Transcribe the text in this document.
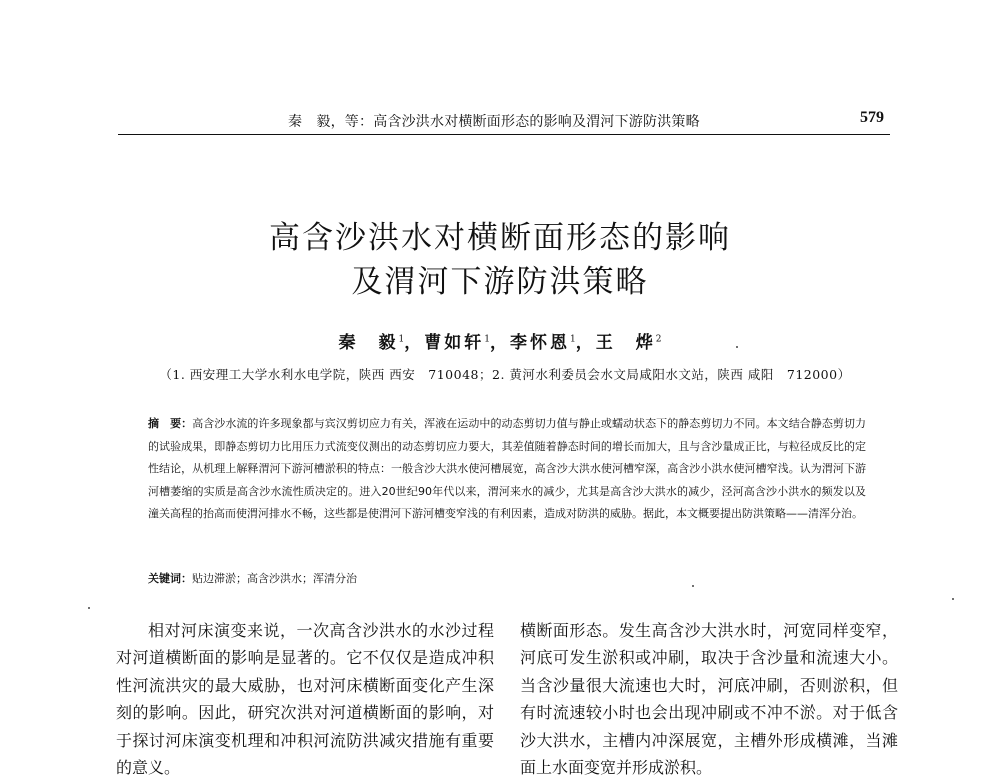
秦　毅，等：高含沙洪水对横断面形态的影响及渭河下游防洪策略	579
高含沙洪水对横断面形态的影响
及渭河下游防洪策略
秦　毅$^1$，曹如轩$^1$，李怀恩$^1$，王　烨$^2$
（1. 西安理工大学水利水电学院，陕西 西安　710048；2. 黄河水利委员会水文局咸阳水文站，陕西 咸阳　712000）

摘　要：高含沙水流的许多现象都与宾汉剪切应力有关，浑液在运动中的动态剪切力值与静止或蠕动状态下的静态剪切力不同。本文结合静态剪切力的试验成果，即静态剪切力比用压力式流变仪测出的动态剪切应力要大，其差值随着静态时间的增长而加大，且与含沙量成正比，与粒径成反比的定性结论，从机理上解释渭河下游河槽淤积的特点：一般含沙大洪水使河槽展宽，高含沙大洪水使河槽窄深，高含沙小洪水使河槽窄浅。认为渭河下游河槽萎缩的实质是高含沙水流性质决定的。进入20世纪90年代以来，渭河来水的减少，尤其是高含沙大洪水的减少，泾河高含沙小洪水的频发以及潼关高程的抬高而使渭河排水不畅，这些都是使渭河下游河槽变窄浅的有利因素，造成对防洪的威胁。据此，本文概要提出防洪策略——清浑分治。

关键词：贴边滞淤；高含沙洪水；浑清分治

相对河床演变来说，一次高含沙洪水的水沙过程对河道横断面的影响是显著的。它不仅仅是造成冲积性河流洪灾的最大威胁，也对河床横断面变化产生深刻的影响。因此，研究次洪对河道横断面的影响，对于探讨河床演变机理和冲积河流防洪减灾措施有重要的意义。

横断面形态。发生高含沙大洪水时，河宽同样变窄，河底可发生淤积或冲刷，取决于含沙量和流速大小。当含沙量很大流速也大时，河底冲刷，否则淤积，但有时流速较小时也会出现冲刷或不冲不淤。对于低含沙大洪水，主槽内冲深展宽，主槽外形成横滩，当滩面上水面变宽并形成淤积。
